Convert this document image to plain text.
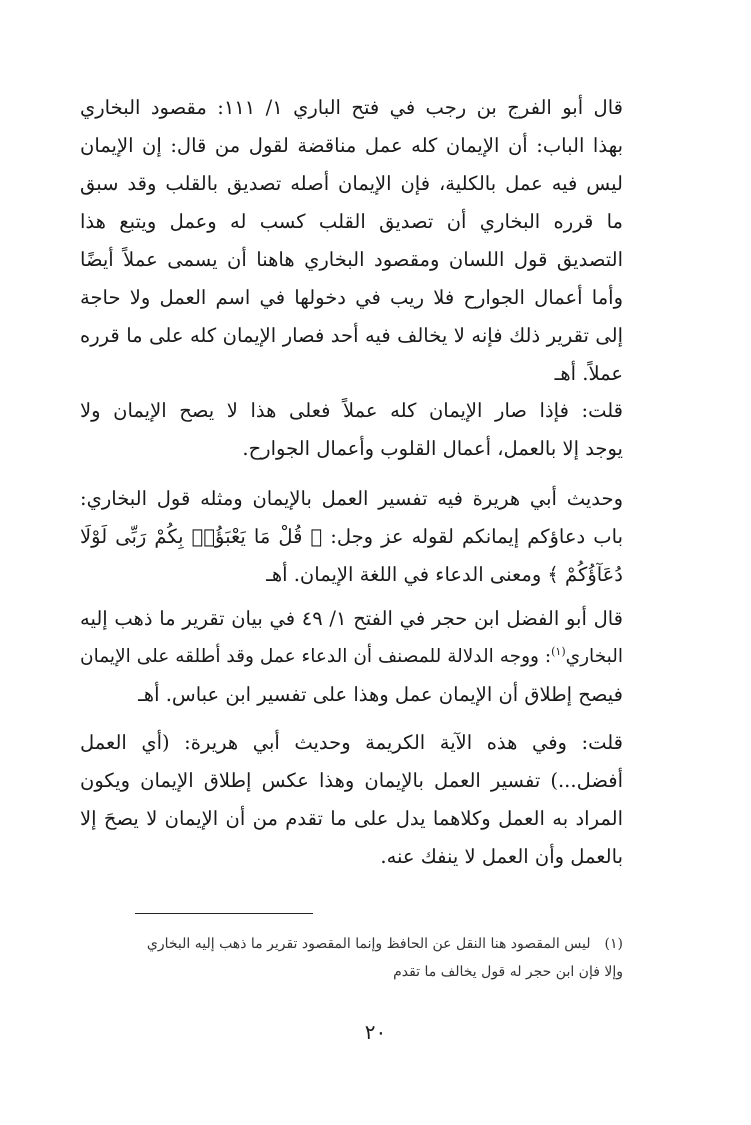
قال أبو الفرج بن رجب في فتح الباري ١/ ١١١: مقصود البخاري
بهذا الباب: أن الإيمان كله عمل مناقضة لقول من قال: إن الإيمان
ليس فيه عمل بالكلية، فإن الإيمان أصله تصديق بالقلب وقد سبق
ما قرره البخاري أن تصديق القلب كسب له وعمل ويتبع هذا
التصديق قول اللسان ومقصود البخاري هاهنا أن يسمى عملاً أيضًا
وأما أعمال الجوارح فلا ريب في دخولها في اسم العمل ولا حاجة
إلى تقرير ذلك فإنه لا يخالف فيه أحد فصار الإيمان كله على ما قرره
عملاً. أهـ
قلت: فإذا صار الإيمان كله عملاً فعلى هذا لا يصح الإيمان ولا
يوجد إلا بالعمل، أعمال القلوب وأعمال الجوارح.
وحديث أبي هريرة فيه تفسير العمل بالإيمان ومثله قول البخاري:
باب دعاؤكم إيمانكم لقوله عز وجل: ﴿ قُلْ مَا يَعْبَؤُا۟ بِكُمْ رَبِّى لَوْلَا
دُعَآؤُكُمْ ﴾ ومعنى الدعاء في اللغة الإيمان. أهـ
قال أبو الفضل ابن حجر في الفتح ١/ ٤٩ في بيان تقرير ما ذهب إليه
البخاري$^{(١)}$: ووجه الدلالة للمصنف أن الدعاء عمل وقد أطلقه على الإيمان
فيصح إطلاق أن الإيمان عمل وهذا على تفسير ابن عباس. أهـ
قلت: وفي هذه الآية الكريمة وحديث أبي هريرة: (أي العمل
أفضل...) تفسير العمل بالإيمان وهذا عكس إطلاق الإيمان ويكون
المراد به العمل وكلاهما يدل على ما تقدم من أن الإيمان لا يصحَ إلا
بالعمل وأن العمل لا ينفك عنه.
(١)ليس المقصود هنا النقل عن الحافظ وإنما المقصود تقرير ما ذهب إليه البخاري
وإلا فإن ابن حجر له قول يخالف ما تقدم
٢٠
